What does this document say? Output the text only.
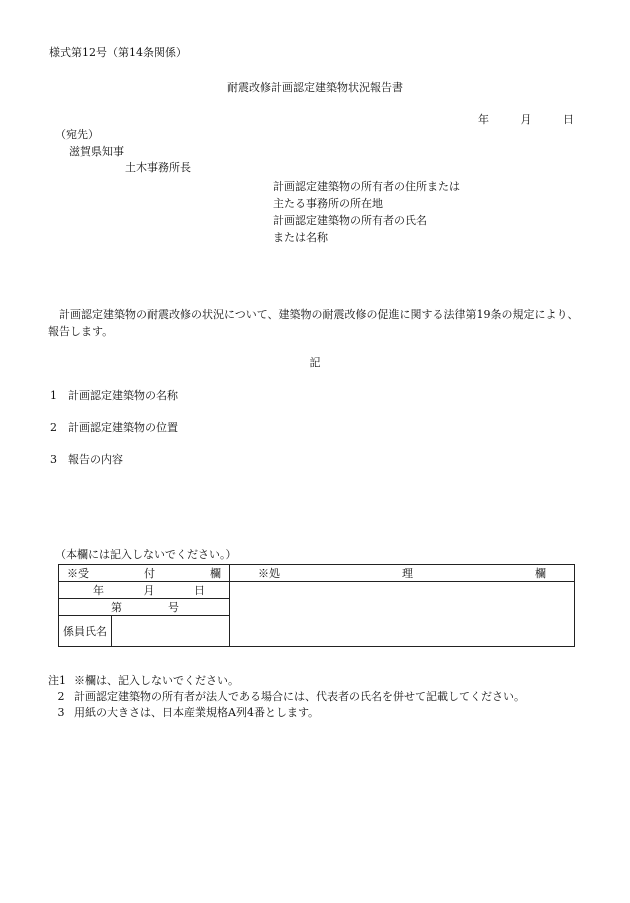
様式第12号（第14条関係）
耐震改修計画認定建築物状況報告書
年	月	日
（宛先）
滋賀県知事
土木事務所長
計画認定建築物の所有者の住所または
主たる事務所の所在地
計画認定建築物の所有者の氏名
または名称
計画認定建築物の耐震改修の状況について、建築物の耐震改修の促進に関する法律第19条の規定により、報告します。
記
1 計画認定建築物の名称
2 計画認定建築物の位置
3 報告の内容
（本欄には記入しないでください。）
※受 付 欄		※処 理 欄

年 月 日		

第 号		

係員氏名		
注1 ※欄は、記入しないでください。
2 計画認定建築物の所有者が法人である場合には、代表者の氏名を併せて記載してください。
3 用紙の大きさは、日本産業規格A列4番とします。
